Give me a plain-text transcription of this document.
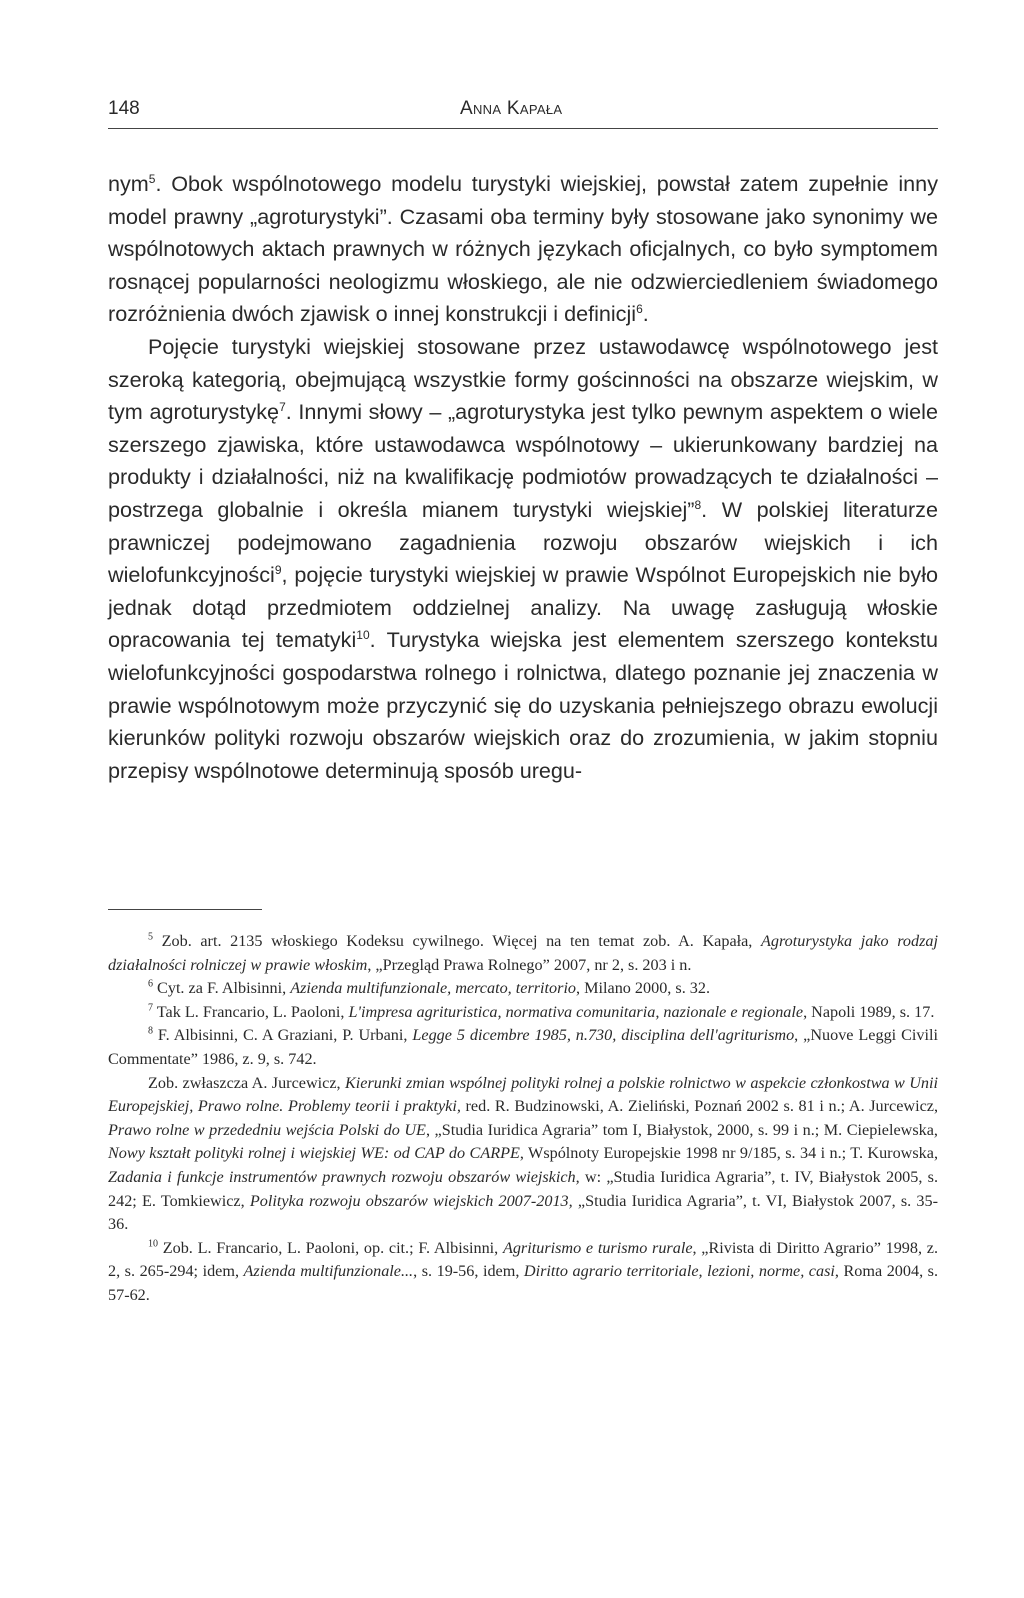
148	Anna Kapała

nym$^5$. Obok wspólnotowego modelu turystyki wiejskiej, powstał zatem zupełnie inny model prawny „agroturystyki”. Czasami oba terminy były stosowane jako synonimy we wspólnotowych aktach prawnych w różnych językach oficjalnych, co było symptomem rosnącej popularności neologizmu włoskiego, ale nie odzwierciedleniem świadomego rozróżnienia dwóch zjawisk o innej konstrukcji i definicji$^6$.

Pojęcie turystyki wiejskiej stosowane przez ustawodawcę wspólnotowego jest szeroką kategorią, obejmującą wszystkie formy gościnności na obszarze wiejskim, w tym agroturystykę$^7$. Innymi słowy – „agroturystyka jest tylko pewnym aspektem o wiele szerszego zjawiska, które ustawodawca wspólnotowy – ukierunkowany bardziej na produkty i działalności, niż na kwalifikację podmiotów prowadzących te działalności – postrzega globalnie i określa mianem turystyki wiejskiej”$^8$. W polskiej literaturze prawniczej podejmowano zagadnienia rozwoju obszarów wiejskich i ich wielofunkcyjności$^9$, pojęcie turystyki wiejskiej w prawie Wspólnot Europejskich nie było jednak dotąd przedmiotem oddzielnej analizy. Na uwagę zasługują włoskie opracowania tej tematyki$^{10}$. Turystyka wiejska jest elementem szerszego kontekstu wielofunkcyjności gospodarstwa rolnego i rolnictwa, dlatego poznanie jej znaczenia w prawie wspólnotowym może przyczynić się do uzyskania pełniejszego obrazu ewolucji kierunków polityki rozwoju obszarów wiejskich oraz do zrozumienia, w jakim stopniu przepisy wspólnotowe determinują sposób uregu-

$^5$ Zob. art. 2135 włoskiego Kodeksu cywilnego. Więcej na ten temat zob. A. Kapała, Agroturystyka jako rodzaj działalności rolniczej w prawie włoskim, „Przegląd Prawa Rolnego” 2007, nr 2, s. 203 i n.

$^6$ Cyt. za F. Albisinni, Azienda multifunzionale, mercato, territorio, Milano 2000, s. 32.

$^7$ Tak L. Francario, L. Paoloni, L'impresa agrituristica, normativa comunitaria, nazionale e regionale, Napoli 1989, s. 17.

$^8$ F. Albisinni, C. A Graziani, P. Urbani, Legge 5 dicembre 1985, n.730, disciplina dell'agriturismo, „Nuove Leggi Civili Commentate” 1986, z. 9, s. 742.

Zob. zwłaszcza A. Jurcewicz, Kierunki zmian wspólnej polityki rolnej a polskie rolnictwo w aspekcie członkostwa w Unii Europejskiej, Prawo rolne. Problemy teorii i praktyki, red. R. Budzinowski, A. Zieliński, Poznań 2002 s. 81 i n.; A. Jurcewicz, Prawo rolne w przededniu wejścia Polski do UE, „Studia Iuridica Agraria” tom I, Białystok, 2000, s. 99 i n.; M. Ciepielewska, Nowy kształt polityki rolnej i wiejskiej WE: od CAP do CARPE, Wspólnoty Europejskie 1998 nr 9/185, s. 34 i n.; T. Kurowska, Zadania i funkcje instrumentów prawnych rozwoju obszarów wiejskich, w: „Studia Iuridica Agraria”, t. IV, Białystok 2005, s. 242; E. Tomkiewicz, Polityka rozwoju obszarów wiejskich 2007-2013, „Studia Iuridica Agraria”, t. VI, Białystok 2007, s. 35-36.

$^{10}$ Zob. L. Francario, L. Paoloni, op. cit.; F. Albisinni, Agriturismo e turismo rurale, „Rivista di Diritto Agrario” 1998, z. 2, s. 265-294; idem, Azienda multifunzionale..., s. 19-56, idem, Diritto agrario territoriale, lezioni, norme, casi, Roma 2004, s. 57-62.
